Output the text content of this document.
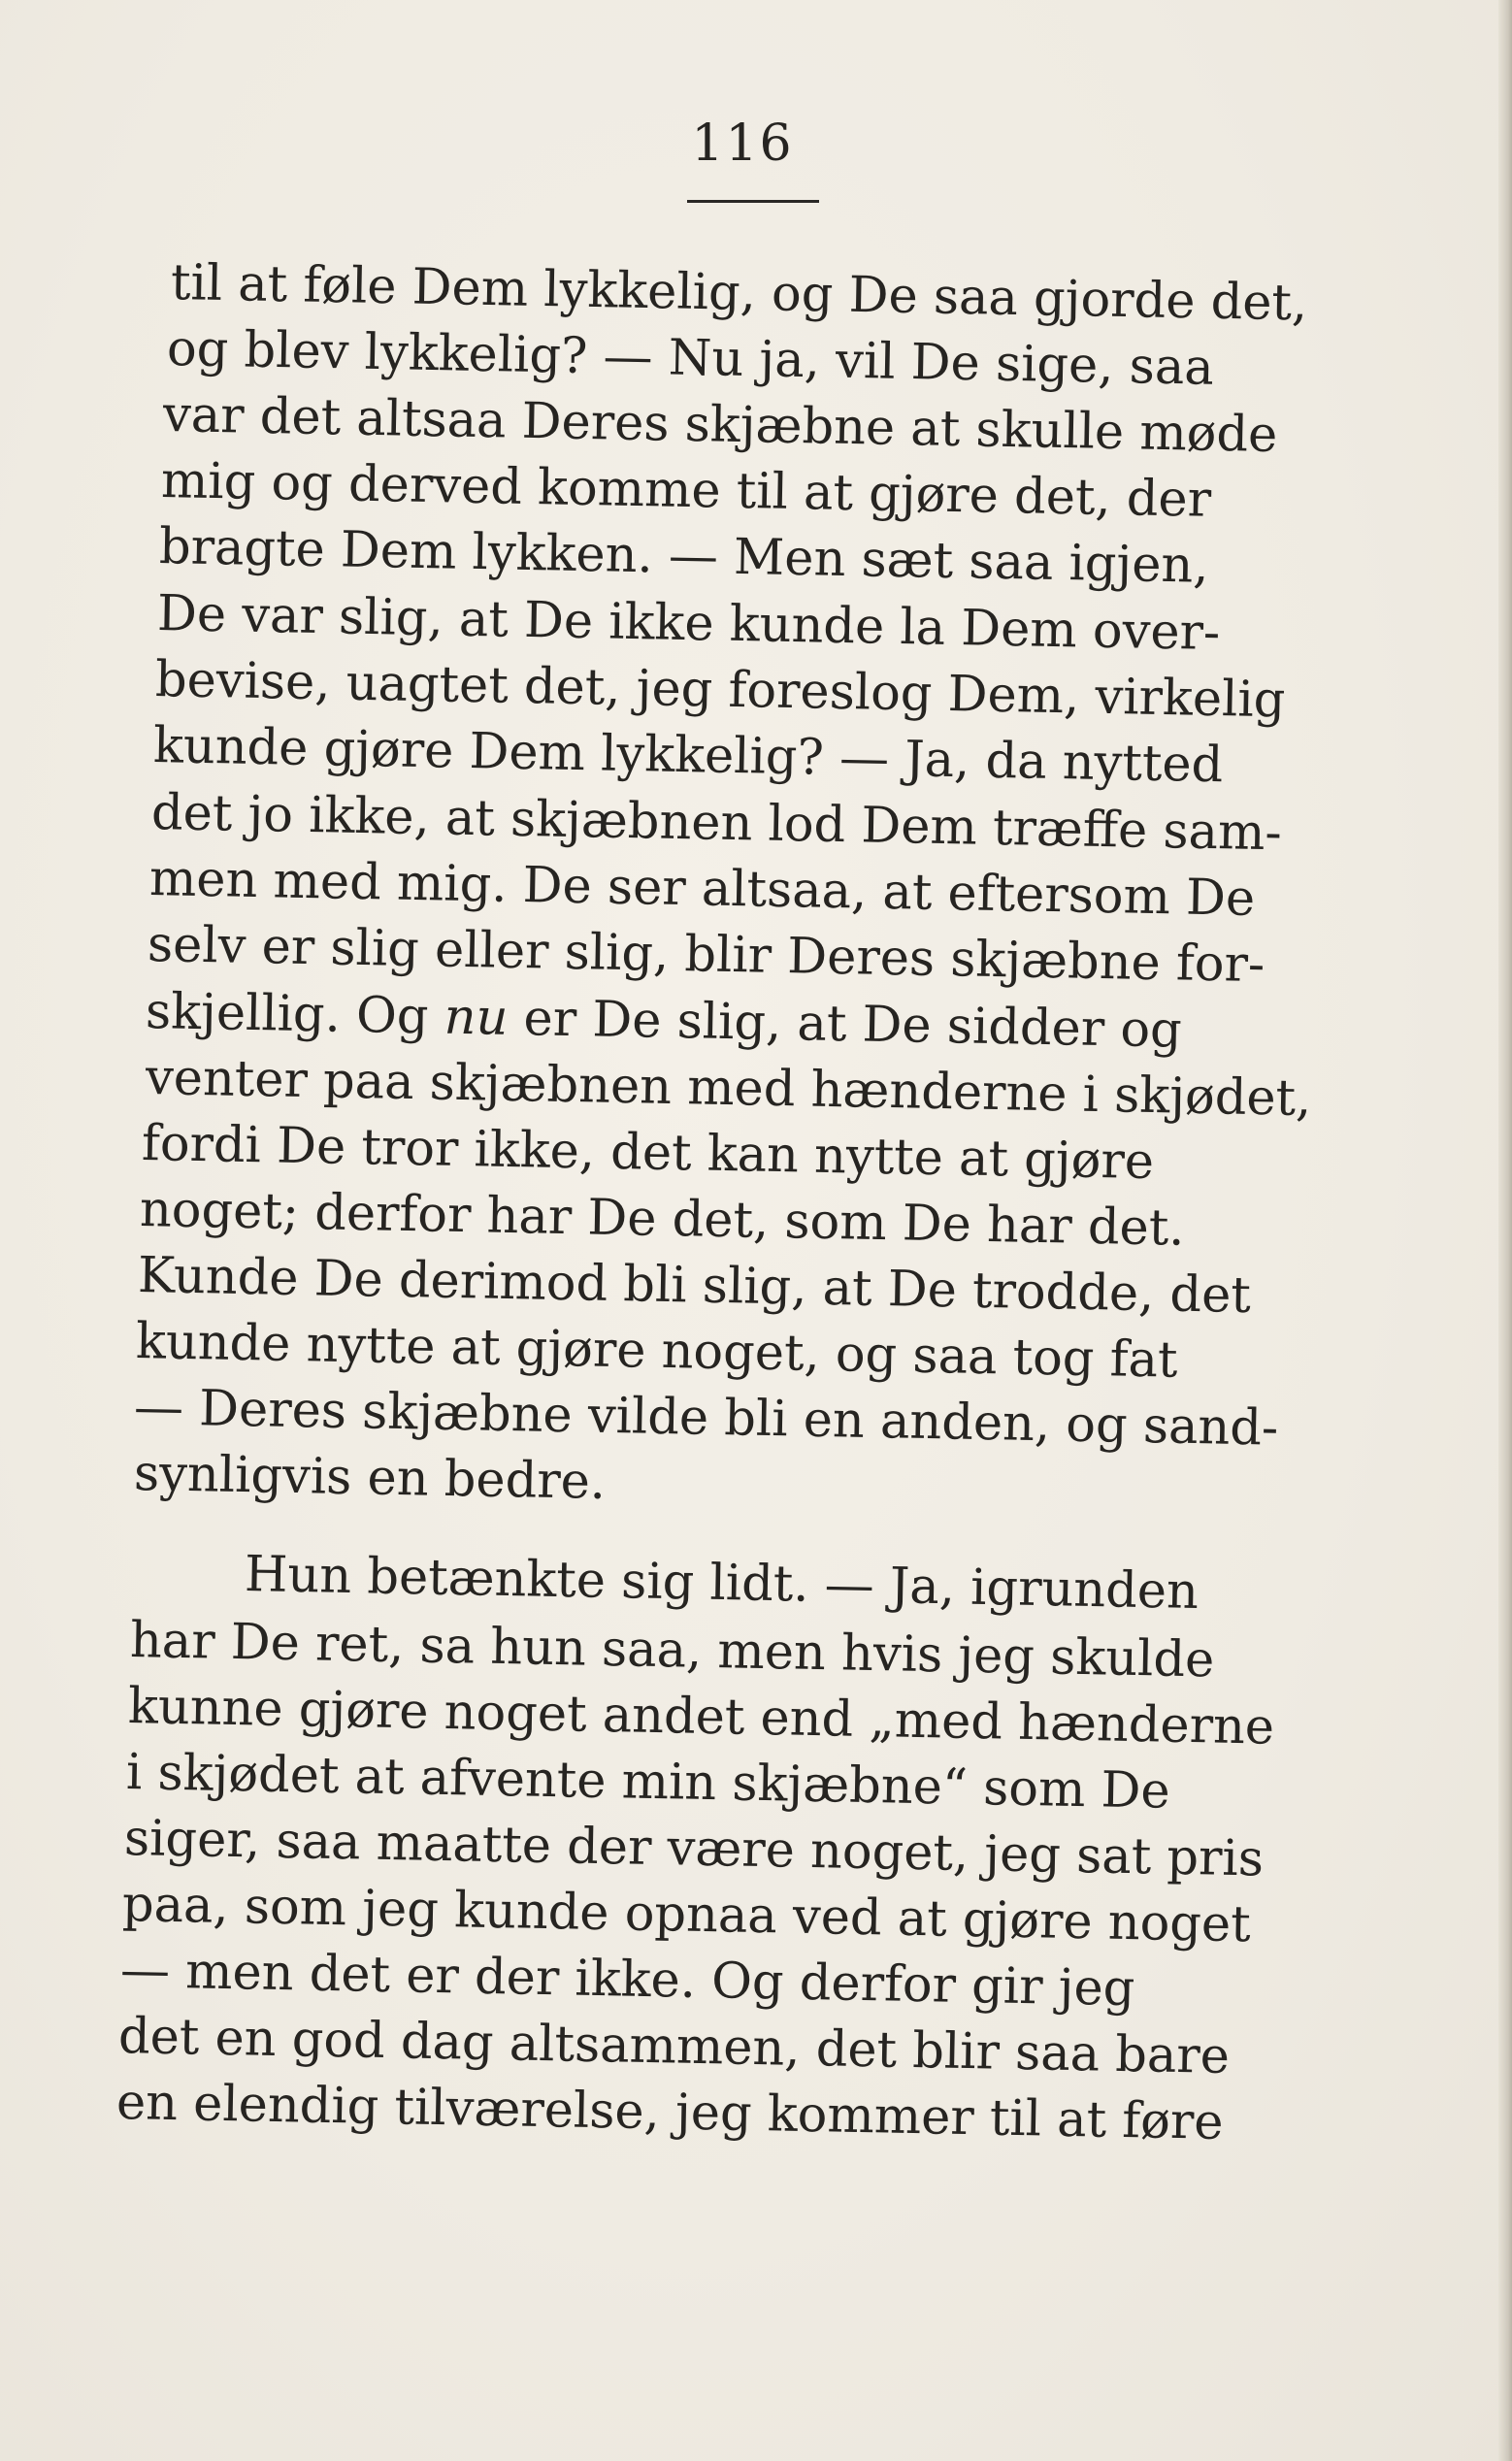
116
til at føle Dem lykkelig, og De saa gjorde det,
og blev lykkelig? — Nu ja, vil De sige, saa
var det altsaa Deres skjæbne at skulle møde
mig og derved komme til at gjøre det, der
bragte Dem lykken. — Men sæt saa igjen,
De var slig, at De ikke kunde la Dem over-
bevise, uagtet det, jeg foreslog Dem, virkelig
kunde gjøre Dem lykkelig? — Ja, da nytted
det jo ikke, at skjæbnen lod Dem træffe sam-
men med mig. De ser altsaa, at eftersom De
selv er slig eller slig, blir Deres skjæbne for-
skjellig. Og nu er De slig, at De sidder og
venter paa skjæbnen med hænderne i skjødet,
fordi De tror ikke, det kan nytte at gjøre
noget; derfor har De det, som De har det.
Kunde De derimod bli slig, at De trodde, det
kunde nytte at gjøre noget, og saa tog fat
— Deres skjæbne vilde bli en anden, og sand-
synligvis en bedre.
Hun betænkte sig lidt. — Ja, igrunden
har De ret, sa hun saa, men hvis jeg skulde
kunne gjøre noget andet end „med hænderne
i skjødet at afvente min skjæbne“ som De
siger, saa maatte der være noget, jeg sat pris
paa, som jeg kunde opnaa ved at gjøre noget
— men det er der ikke. Og derfor gir jeg
det en god dag altsammen, det blir saa bare
en elendig tilværelse, jeg kommer til at føre
